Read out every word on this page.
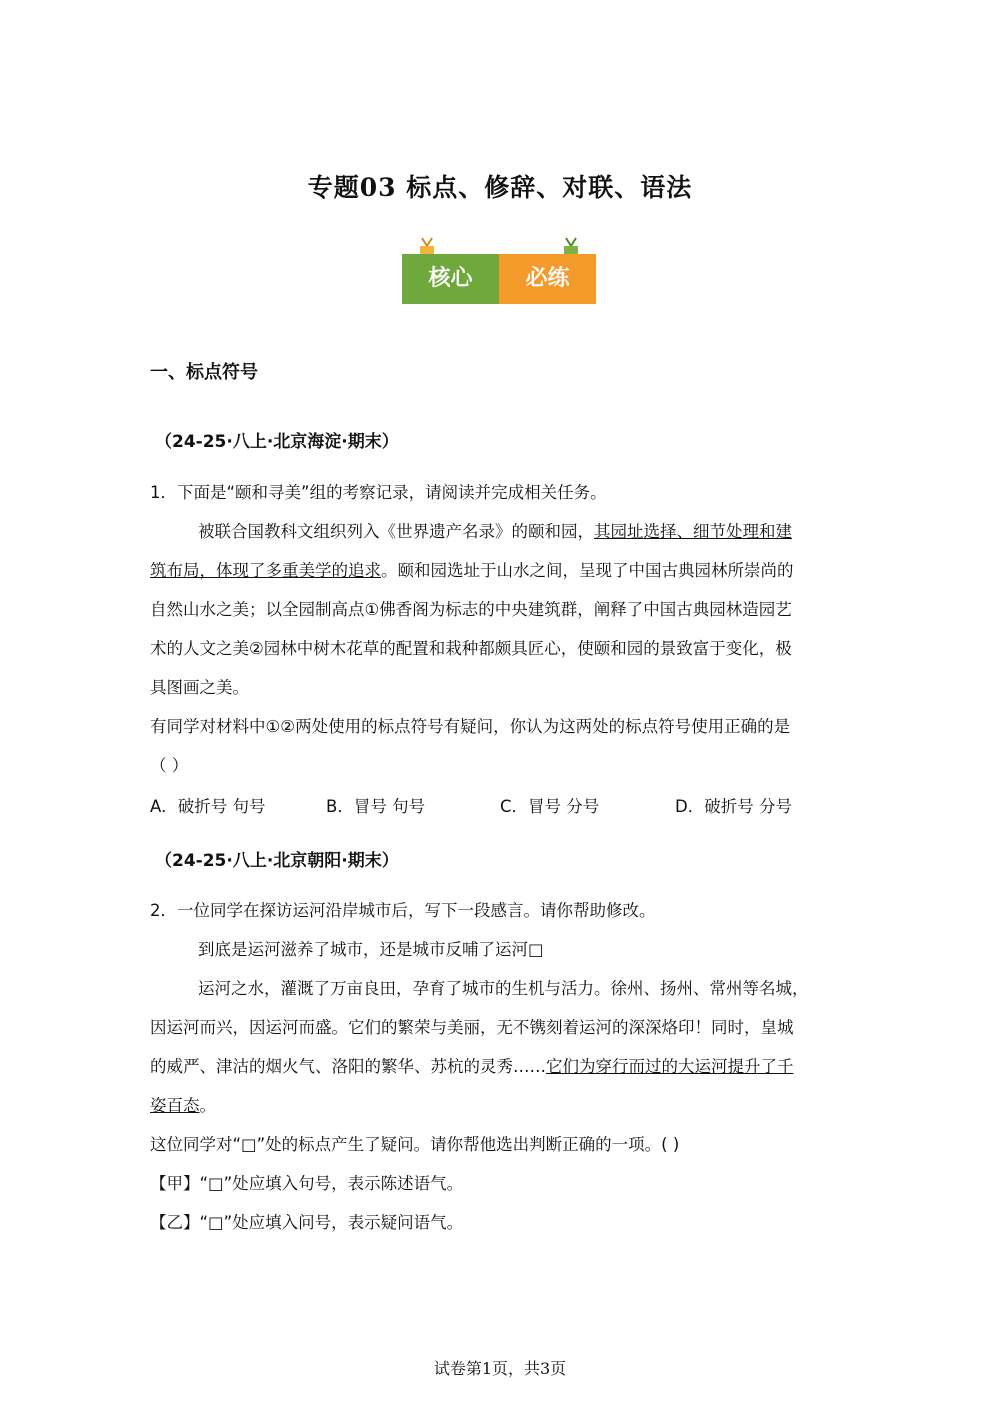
专题03 标点、修辞、对联、语法
核心	必练
一、标点符号
（24-25·八上·北京海淀·期末）
1．下面是“颐和寻美”组的考察记录，请阅读并完成相关任务。
被联合国教科文组织列入《世界遗产名录》的颐和园，其园址选择、细节处理和建
筑布局，体现了多重美学的追求。颐和园选址于山水之间，呈现了中国古典园林所崇尚的
自然山水之美；以全园制高点①佛香阁为标志的中央建筑群，阐释了中国古典园林造园艺
术的人文之美②园林中树木花草的配置和栽种都颇具匠心，使颐和园的景致富于变化，极
具图画之美。
有同学对材料中①②两处使用的标点符号有疑问，你认为这两处的标点符号使用正确的是
（ ）
A．破折号 句号	B．冒号 句号	C．冒号 分号	D．破折号 分号
（24-25·八上·北京朝阳·期末）
2．一位同学在探访运河沿岸城市后，写下一段感言。请你帮助修改。
到底是运河滋养了城市，还是城市反哺了运河□
运河之水，灌溉了万亩良田，孕育了城市的生机与活力。徐州、扬州、常州等名城，
因运河而兴，因运河而盛。它们的繁荣与美丽，无不镌刻着运河的深深烙印！同时，皇城
的威严、津沽的烟火气、洛阳的繁华、苏杭的灵秀……它们为穿行而过的大运河提升了千
姿百态。
这位同学对“□”处的标点产生了疑问。请你帮他选出判断正确的一项。( )
【甲】“□”处应填入句号，表示陈述语气。
【乙】“□”处应填入问号，表示疑问语气。
试卷第1页，共3页
